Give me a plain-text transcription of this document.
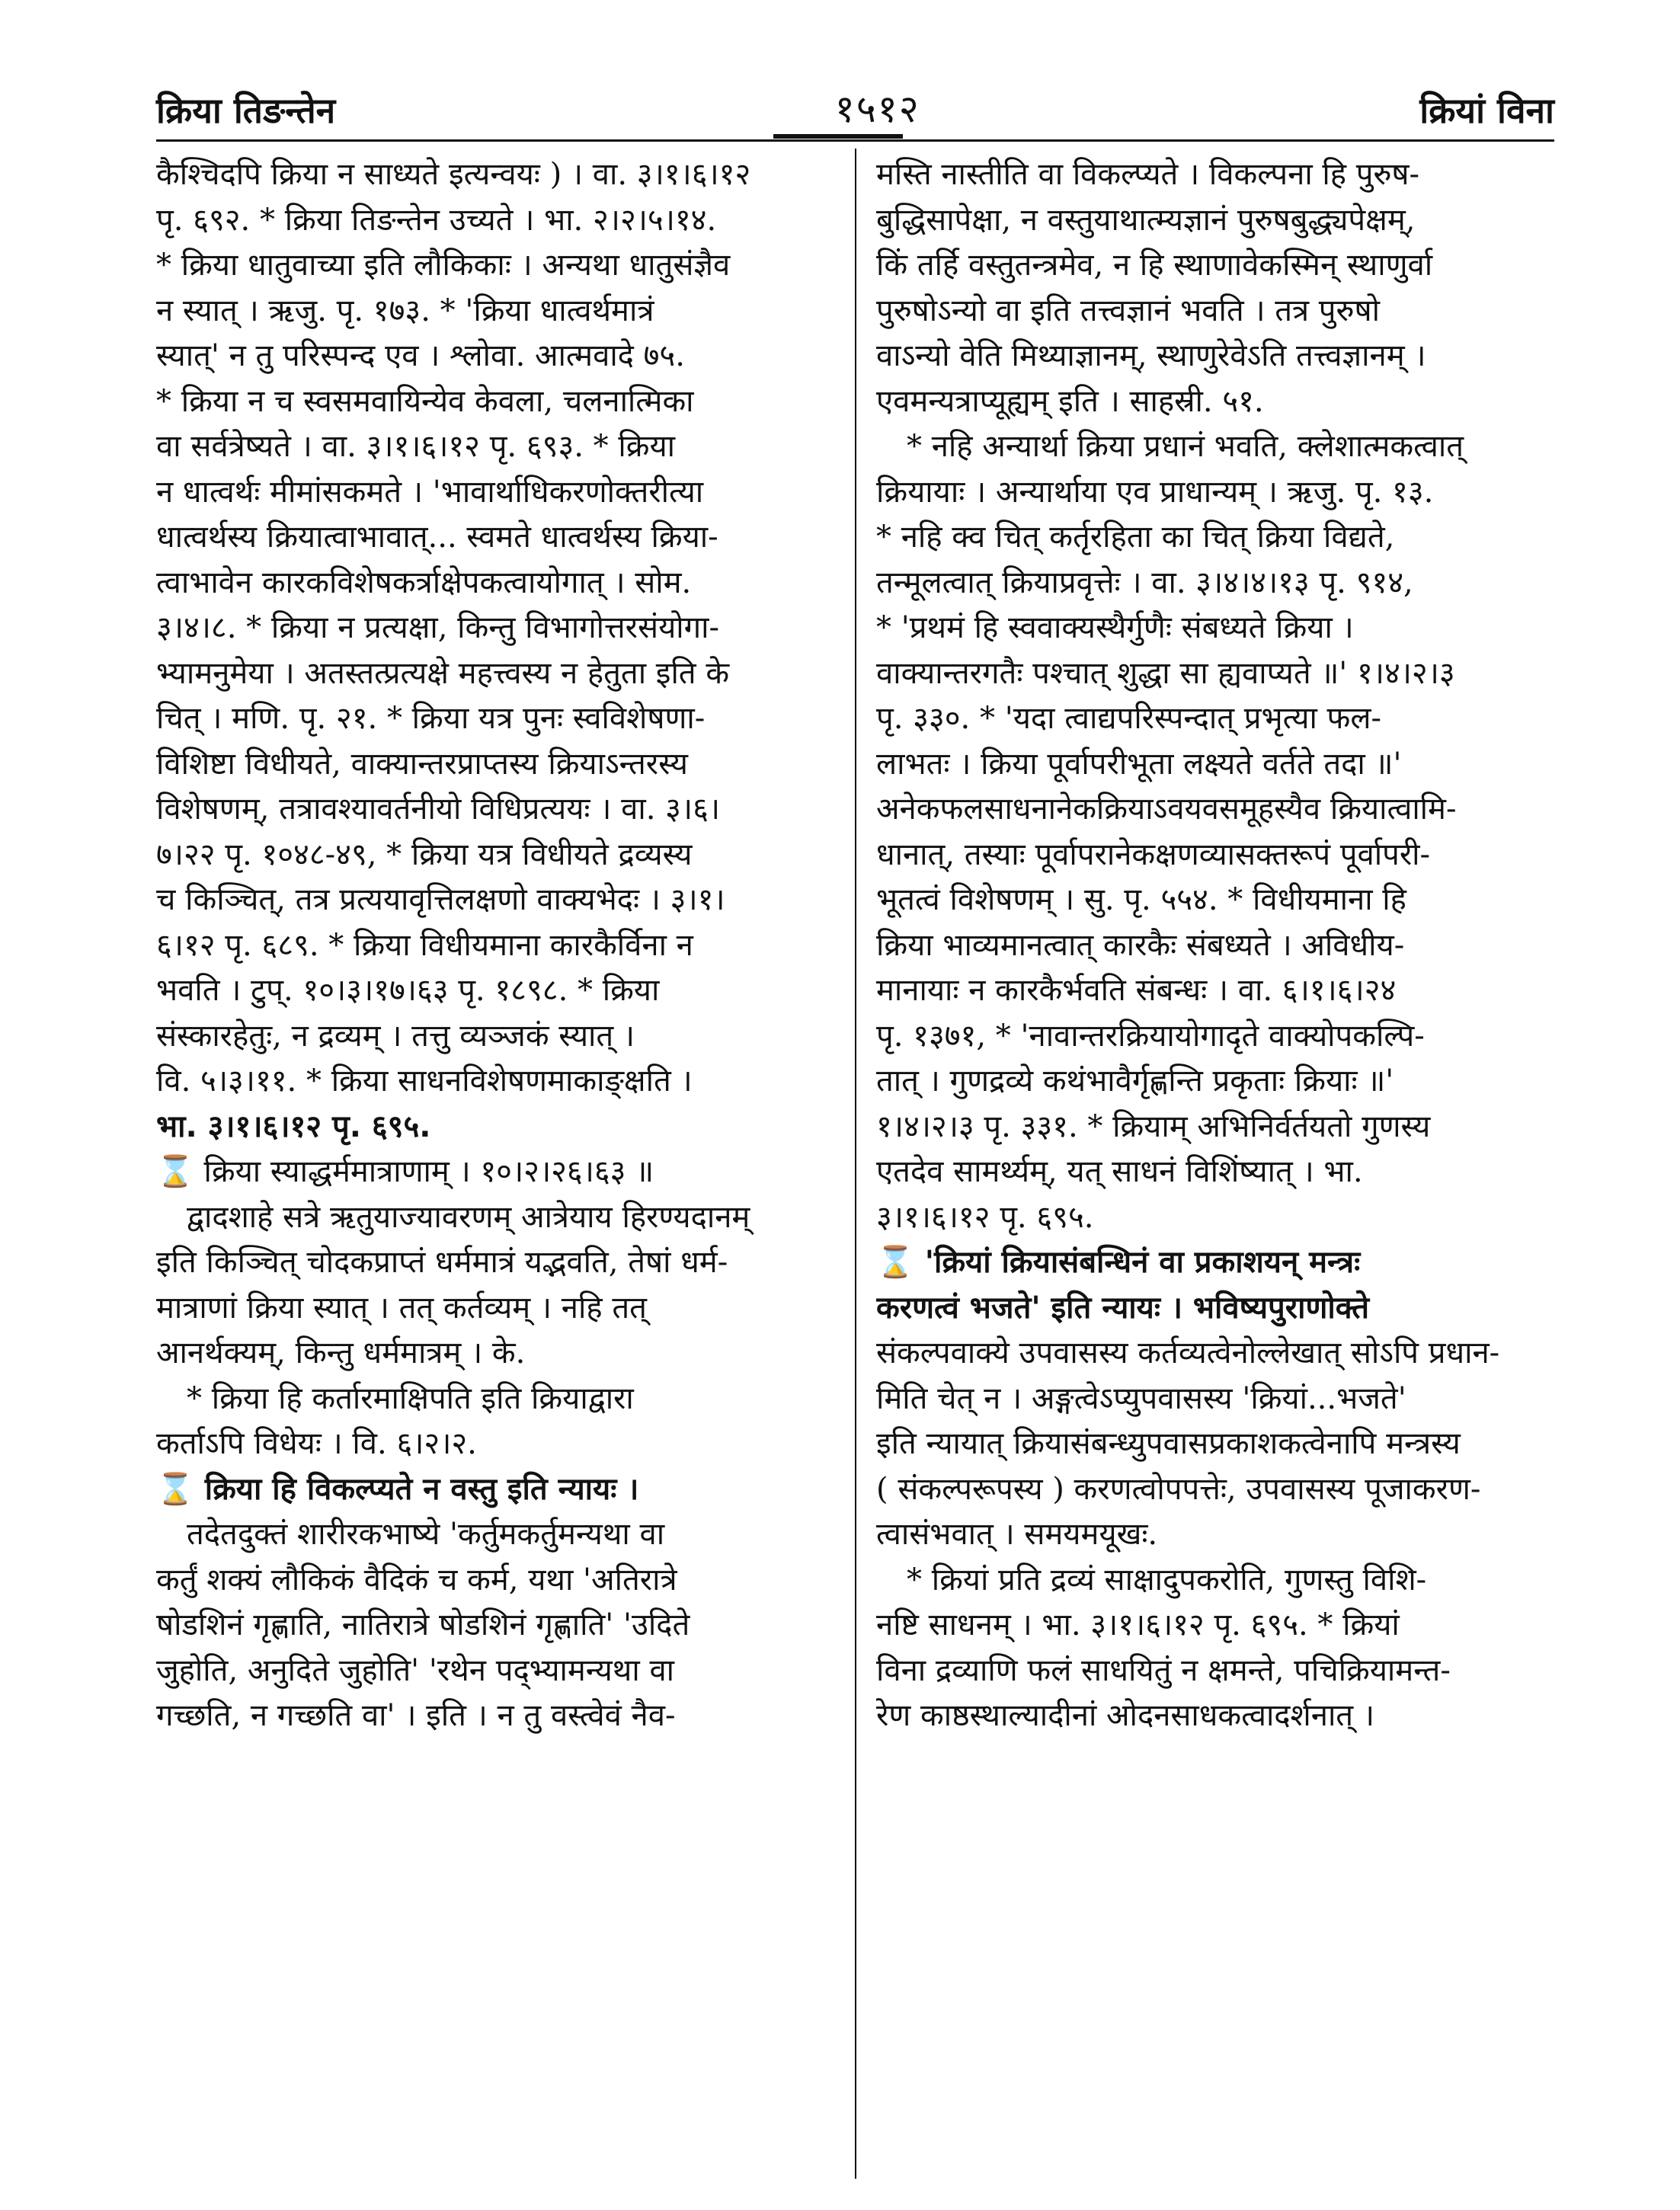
क्रिया तिङन्तेन	१५१२	क्रियां विना
कैश्चिदपि क्रिया न साध्यते इत्यन्वयः ) । वा. ३।१।६।१२
पृ. ६९२. * क्रिया तिङन्तेन उच्यते । भा. २।२।५।१४.
* क्रिया धातुवाच्या इति लौकिकाः । अन्यथा धातुसंज्ञैव
न स्यात् । ऋजु. पृ. १७३. * 'क्रिया धात्वर्थमात्रं
स्यात्' न तु परिस्पन्द एव । श्लोवा. आत्मवादे ७५.
* क्रिया न च स्वसमवायिन्येव केवला, चलनात्मिका
वा सर्वत्रेष्यते । वा. ३।१।६।१२ पृ. ६९३. * क्रिया
न धात्वर्थः मीमांसकमते । 'भावार्थाधिकरणोक्तरीत्या
धात्वर्थस्य क्रियात्वाभावात्... स्वमते धात्वर्थस्य क्रिया-
त्वाभावेन कारकविशेषकर्त्राक्षेपकत्वायोगात् । सोम.
३।४।८. * क्रिया न प्रत्यक्षा, किन्तु विभागोत्तरसंयोगा-
भ्यामनुमेया । अतस्तत्प्रत्यक्षे महत्त्वस्य न हेतुता इति के
चित् । मणि. पृ. २१. * क्रिया यत्र पुनः स्वविशेषणा-
विशिष्टा विधीयते, वाक्यान्तरप्राप्तस्य क्रियाऽन्तरस्य
विशेषणम्, तत्रावश्यावर्तनीयो विधिप्रत्ययः । वा. ३।६।
७।२२ पृ. १०४८-४९, * क्रिया यत्र विधीयते द्रव्यस्य
च किञ्चित्, तत्र प्रत्ययावृत्तिलक्षणो वाक्यभेदः । ३।१।
६।१२ पृ. ६८९. * क्रिया विधीयमाना कारकैर्विना न
भवति । टुप्. १०।३।१७।६३ पृ. १८९८. * क्रिया
संस्कारहेतुः, न द्रव्यम् । तत्तु व्यञ्जकं स्यात् ।
वि. ५।३।११. * क्रिया साधनविशेषणमाकाङ्क्षति ।
भा. ३।१।६।१२ पृ. ६९५.
⌛ क्रिया स्याद्धर्ममात्राणाम् । १०।२।२६।६३ ॥
द्वादशाहे सत्रे ऋतुयाज्यावरणम् आत्रेयाय हिरण्यदानम्
इति किञ्चित् चोदकप्राप्तं धर्ममात्रं यद्भवति, तेषां धर्म-
मात्राणां क्रिया स्यात् । तत् कर्तव्यम् । नहि तत्
आनर्थक्यम्, किन्तु धर्ममात्रम् । के.
* क्रिया हि कर्तारमाक्षिपति इति क्रियाद्वारा
कर्ताऽपि विधेयः । वि. ६।२।२.
⌛ क्रिया हि विकल्प्यते न वस्तु इति न्यायः ।
तदेतदुक्तं शारीरकभाष्ये 'कर्तुमकर्तुमन्यथा वा
कर्तुं शक्यं लौकिकं वैदिकं च कर्म, यथा 'अतिरात्रे
षोडशिनं गृह्णाति, नातिरात्रे षोडशिनं गृह्णाति' 'उदिते
जुहोति, अनुदिते जुहोति' 'रथेन पद्भ्यामन्यथा वा
गच्छति, न गच्छति वा' । इति । न तु वस्त्वेवं नैव-
मस्ति नास्तीति वा विकल्प्यते । विकल्पना हि पुरुष-
बुद्धिसापेक्षा, न वस्तुयाथात्म्यज्ञानं पुरुषबुद्ध्यपेक्षम्,
किं तर्हि वस्तुतन्त्रमेव, न हि स्थाणावेकस्मिन् स्थाणुर्वा
पुरुषोऽन्यो वा इति तत्त्वज्ञानं भवति । तत्र पुरुषो
वाऽन्यो वेति मिथ्याज्ञानम्, स्थाणुरेवेऽति तत्त्वज्ञानम् ।
एवमन्यत्राप्यूह्यम् इति । साहस्री. ५१.
* नहि अन्यार्था क्रिया प्रधानं भवति, क्लेशात्मकत्वात्
क्रियायाः । अन्यार्थाया एव प्राधान्यम् । ऋजु. पृ. १३.
* नहि क्व चित् कर्तृरहिता का चित् क्रिया विद्यते,
तन्मूलत्वात् क्रियाप्रवृत्तेः । वा. ३।४।४।१३ पृ. ९१४,
* 'प्रथमं हि स्ववाक्यस्थैर्गुणैः संबध्यते क्रिया ।
वाक्यान्तरगतैः पश्चात् शुद्धा सा ह्यवाप्यते ॥' १।४।२।३
पृ. ३३०. * 'यदा त्वाद्यपरिस्पन्दात् प्रभृत्या फल-
लाभतः । क्रिया पूर्वापरीभूता लक्ष्यते वर्तते तदा ॥'
अनेकफलसाधनानेकक्रियाऽवयवसमूहस्यैव क्रियात्वामि-
धानात्, तस्याः पूर्वापरानेकक्षणव्यासक्तरूपं पूर्वापरी-
भूतत्वं विशेषणम् । सु. पृ. ५५४. * विधीयमाना हि
क्रिया भाव्यमानत्वात् कारकैः संबध्यते । अविधीय-
मानायाः न कारकैर्भवति संबन्धः । वा. ६।१।६।२४
पृ. १३७१, * 'नावान्तरक्रियायोगादृते वाक्योपकल्पि-
तात् । गुणद्रव्ये कथंभावैर्गृह्णन्ति प्रकृताः क्रियाः ॥'
१।४।२।३ पृ. ३३१. * क्रियाम् अभिनिर्वर्तयतो गुणस्य
एतदेव सामर्थ्यम्, यत् साधनं विशिंष्यात् । भा.
३।१।६।१२ पृ. ६९५.
⌛ 'क्रियां क्रियासंबन्धिनं वा प्रकाशयन् मन्त्रः
करणत्वं भजते' इति न्यायः । भविष्यपुराणोक्ते
संकल्पवाक्ये उपवासस्य कर्तव्यत्वेनोल्लेखात् सोऽपि प्रधान-
मिति चेत् न । अङ्गत्वेऽप्युपवासस्य 'क्रियां...भजते'
इति न्यायात् क्रियासंबन्ध्युपवासप्रकाशकत्वेनापि मन्त्रस्य
( संकल्परूपस्य ) करणत्वोपपत्तेः, उपवासस्य पूजाकरण-
त्वासंभवात् । समयमयूखः.
* क्रियां प्रति द्रव्यं साक्षादुपकरोति, गुणस्तु विशि-
नष्टि साधनम् । भा. ३।१।६।१२ पृ. ६९५. * क्रियां
विना द्रव्याणि फलं साधयितुं न क्षमन्ते, पचिक्रियामन्त-
रेण काष्ठस्थाल्यादीनां ओदनसाधकत्वादर्शनात् ।
